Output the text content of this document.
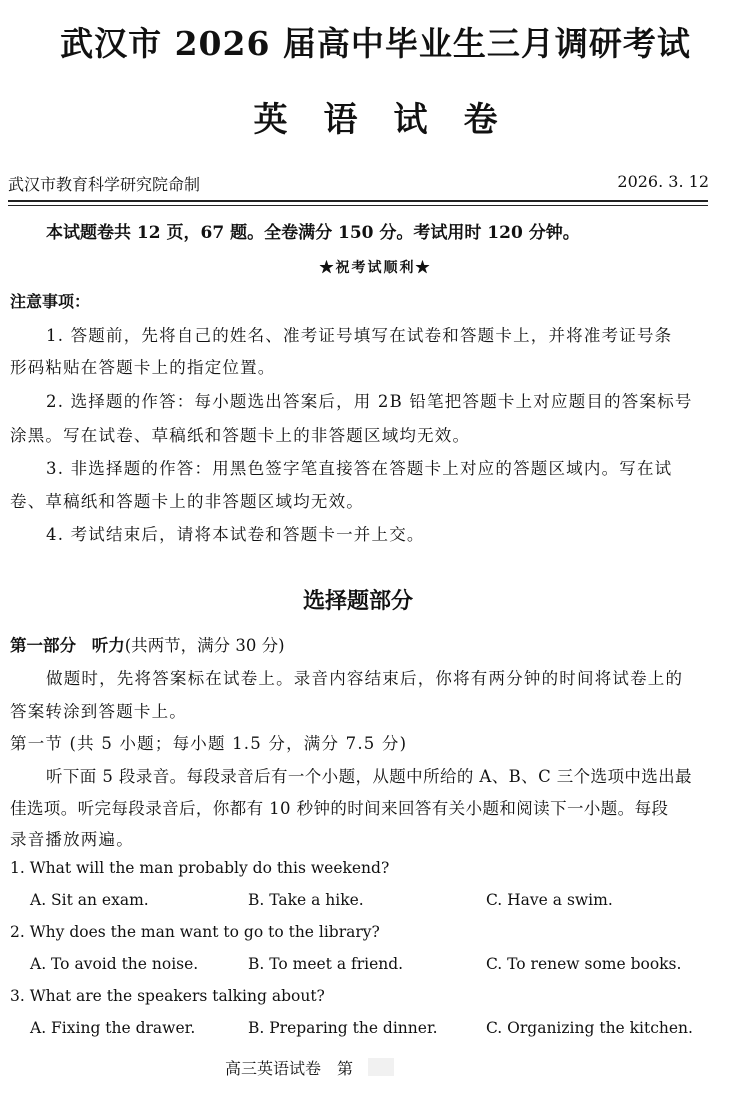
武汉市 2026 届高中毕业生三月调研考试
英语试卷
武汉市教育科学研究院命制	2026. 3. 12
本试题卷共 12 页，67 题。全卷满分 150 分。考试用时 120 分钟。
★祝考试顺利★
注意事项：
1. 答题前，先将自己的姓名、准考证号填写在试卷和答题卡上，并将准考证号条
形码粘贴在答题卡上的指定位置。
2. 选择题的作答：每小题选出答案后，用 2B 铅笔把答题卡上对应题目的答案标号
涂黑。写在试卷、草稿纸和答题卡上的非答题区域均无效。
3. 非选择题的作答：用黑色签字笔直接答在答题卡上对应的答题区域内。写在试
卷、草稿纸和答题卡上的非答题区域均无效。
4. 考试结束后，请将本试卷和答题卡一并上交。
选择题部分
第一部分 听力(共两节，满分 30 分)
做题时，先将答案标在试卷上。录音内容结束后，你将有两分钟的时间将试卷上的
答案转涂到答题卡上。
第一节 (共 5 小题；每小题 1.5 分，满分 7.5 分)
听下面 5 段录音。每段录音后有一个小题，从题中所给的 A、B、C 三个选项中选出最
佳选项。听完每段录音后，你都有 10 秒钟的时间来回答有关小题和阅读下一小题。每段
录音播放两遍。
1. What will the man probably do this weekend?
A. Sit an exam.	B. Take a hike.	C. Have a swim.
2. Why does the man want to go to the library?
A. To avoid the noise.	B. To meet a friend.	C. To renew some books.
3. What are the speakers talking about?
A. Fixing the drawer.	B. Preparing the dinner.	C. Organizing the kitchen.
高三英语试卷　第
